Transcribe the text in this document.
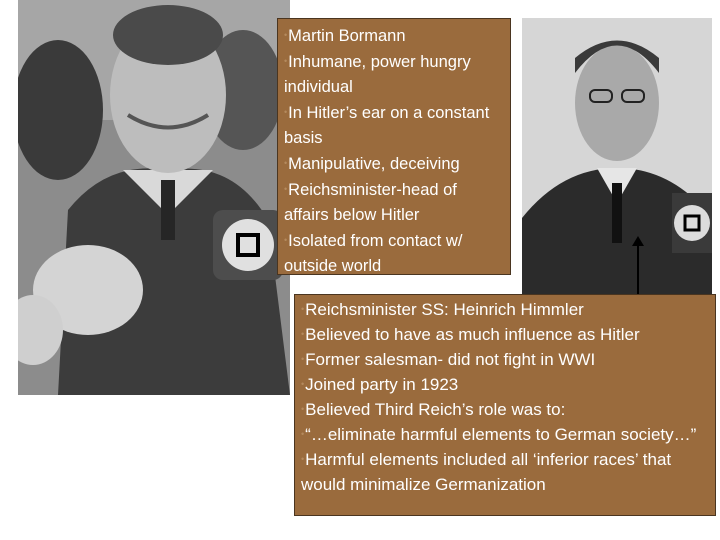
•Martin Bormann
•Inhumane, power hungry individual
•In Hitler’s ear on a constant basis
•Manipulative, deceiving
•Reichsminister-head of affairs below Hitler
•Isolated from contact w/ outside world
•Reichsminister SS: Heinrich Himmler
•Believed to have as much influence as Hitler
•Former salesman- did not fight in WWI
•Joined party in 1923
•Believed Third Reich’s role was to:
•“…eliminate harmful elements to German society…”
•Harmful elements included all ‘inferior races’ that would minimalize Germanization
